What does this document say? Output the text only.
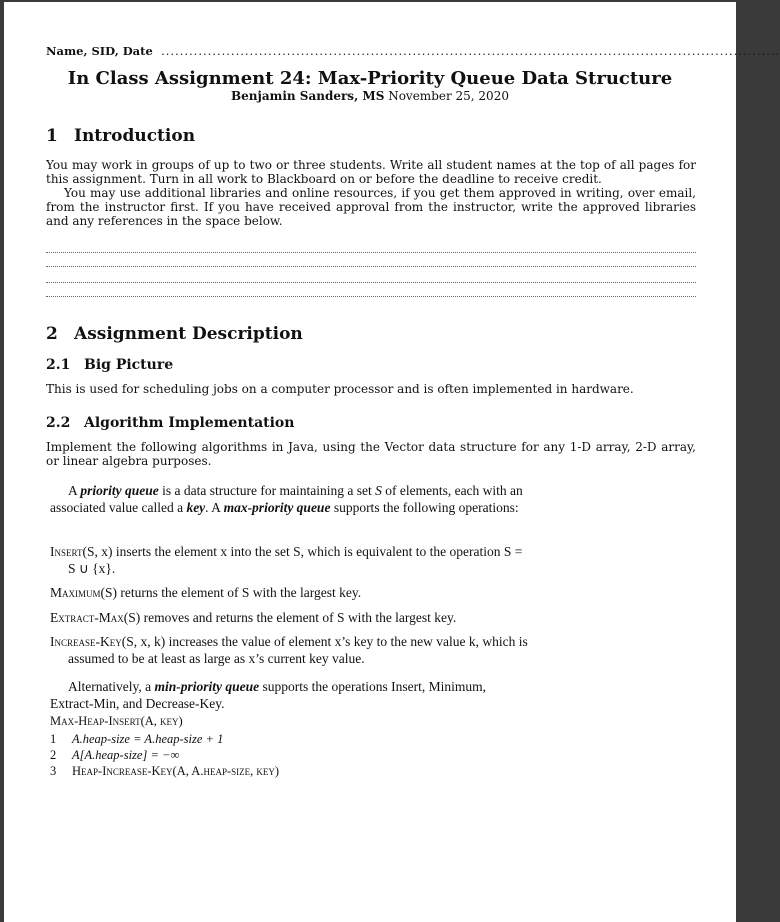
Name, SID, Date  .....................................................................................................................................
In Class Assignment 24: Max-Priority Queue Data Structure
Benjamin Sanders, MS November 25, 2020
1 Introduction
You may work in groups of up to two or three students. Write all student names at the top of all pages for this assignment. Turn in all work to Blackboard on or before the deadline to receive credit.
You may use additional libraries and online resources, if you get them approved in writing, over email, from the instructor first. If you have received approval from the instructor, write the approved libraries and any references in the space below.
2 Assignment Description
2.1 Big Picture
This is used for scheduling jobs on a computer processor and is often implemented in hardware.
2.2 Algorithm Implementation
Implement the following algorithms in Java, using the Vector data structure for any 1-D array, 2-D array, or linear algebra purposes.
A priority queue is a data structure for maintaining a set S of elements, each with an associated value called a key. A max-priority queue supports the following operations:
Insert(S, x) inserts the element x into the set S, which is equivalent to the operation S = S ∪ {x}.
Maximum(S) returns the element of S with the largest key.
Extract-Max(S) removes and returns the element of S with the largest key.
Increase-Key(S, x, k) increases the value of element x’s key to the new value k, which is assumed to be at least as large as x’s current key value.
Alternatively, a min-priority queue supports the operations Insert, Minimum, Extract-Min, and Decrease-Key.
Max-Heap-Insert(A, key)
1 A.heap-size = A.heap-size + 1
2 A[A.heap-size] = −∞
3 Heap-Increase-Key(A, A.heap-size, key)
